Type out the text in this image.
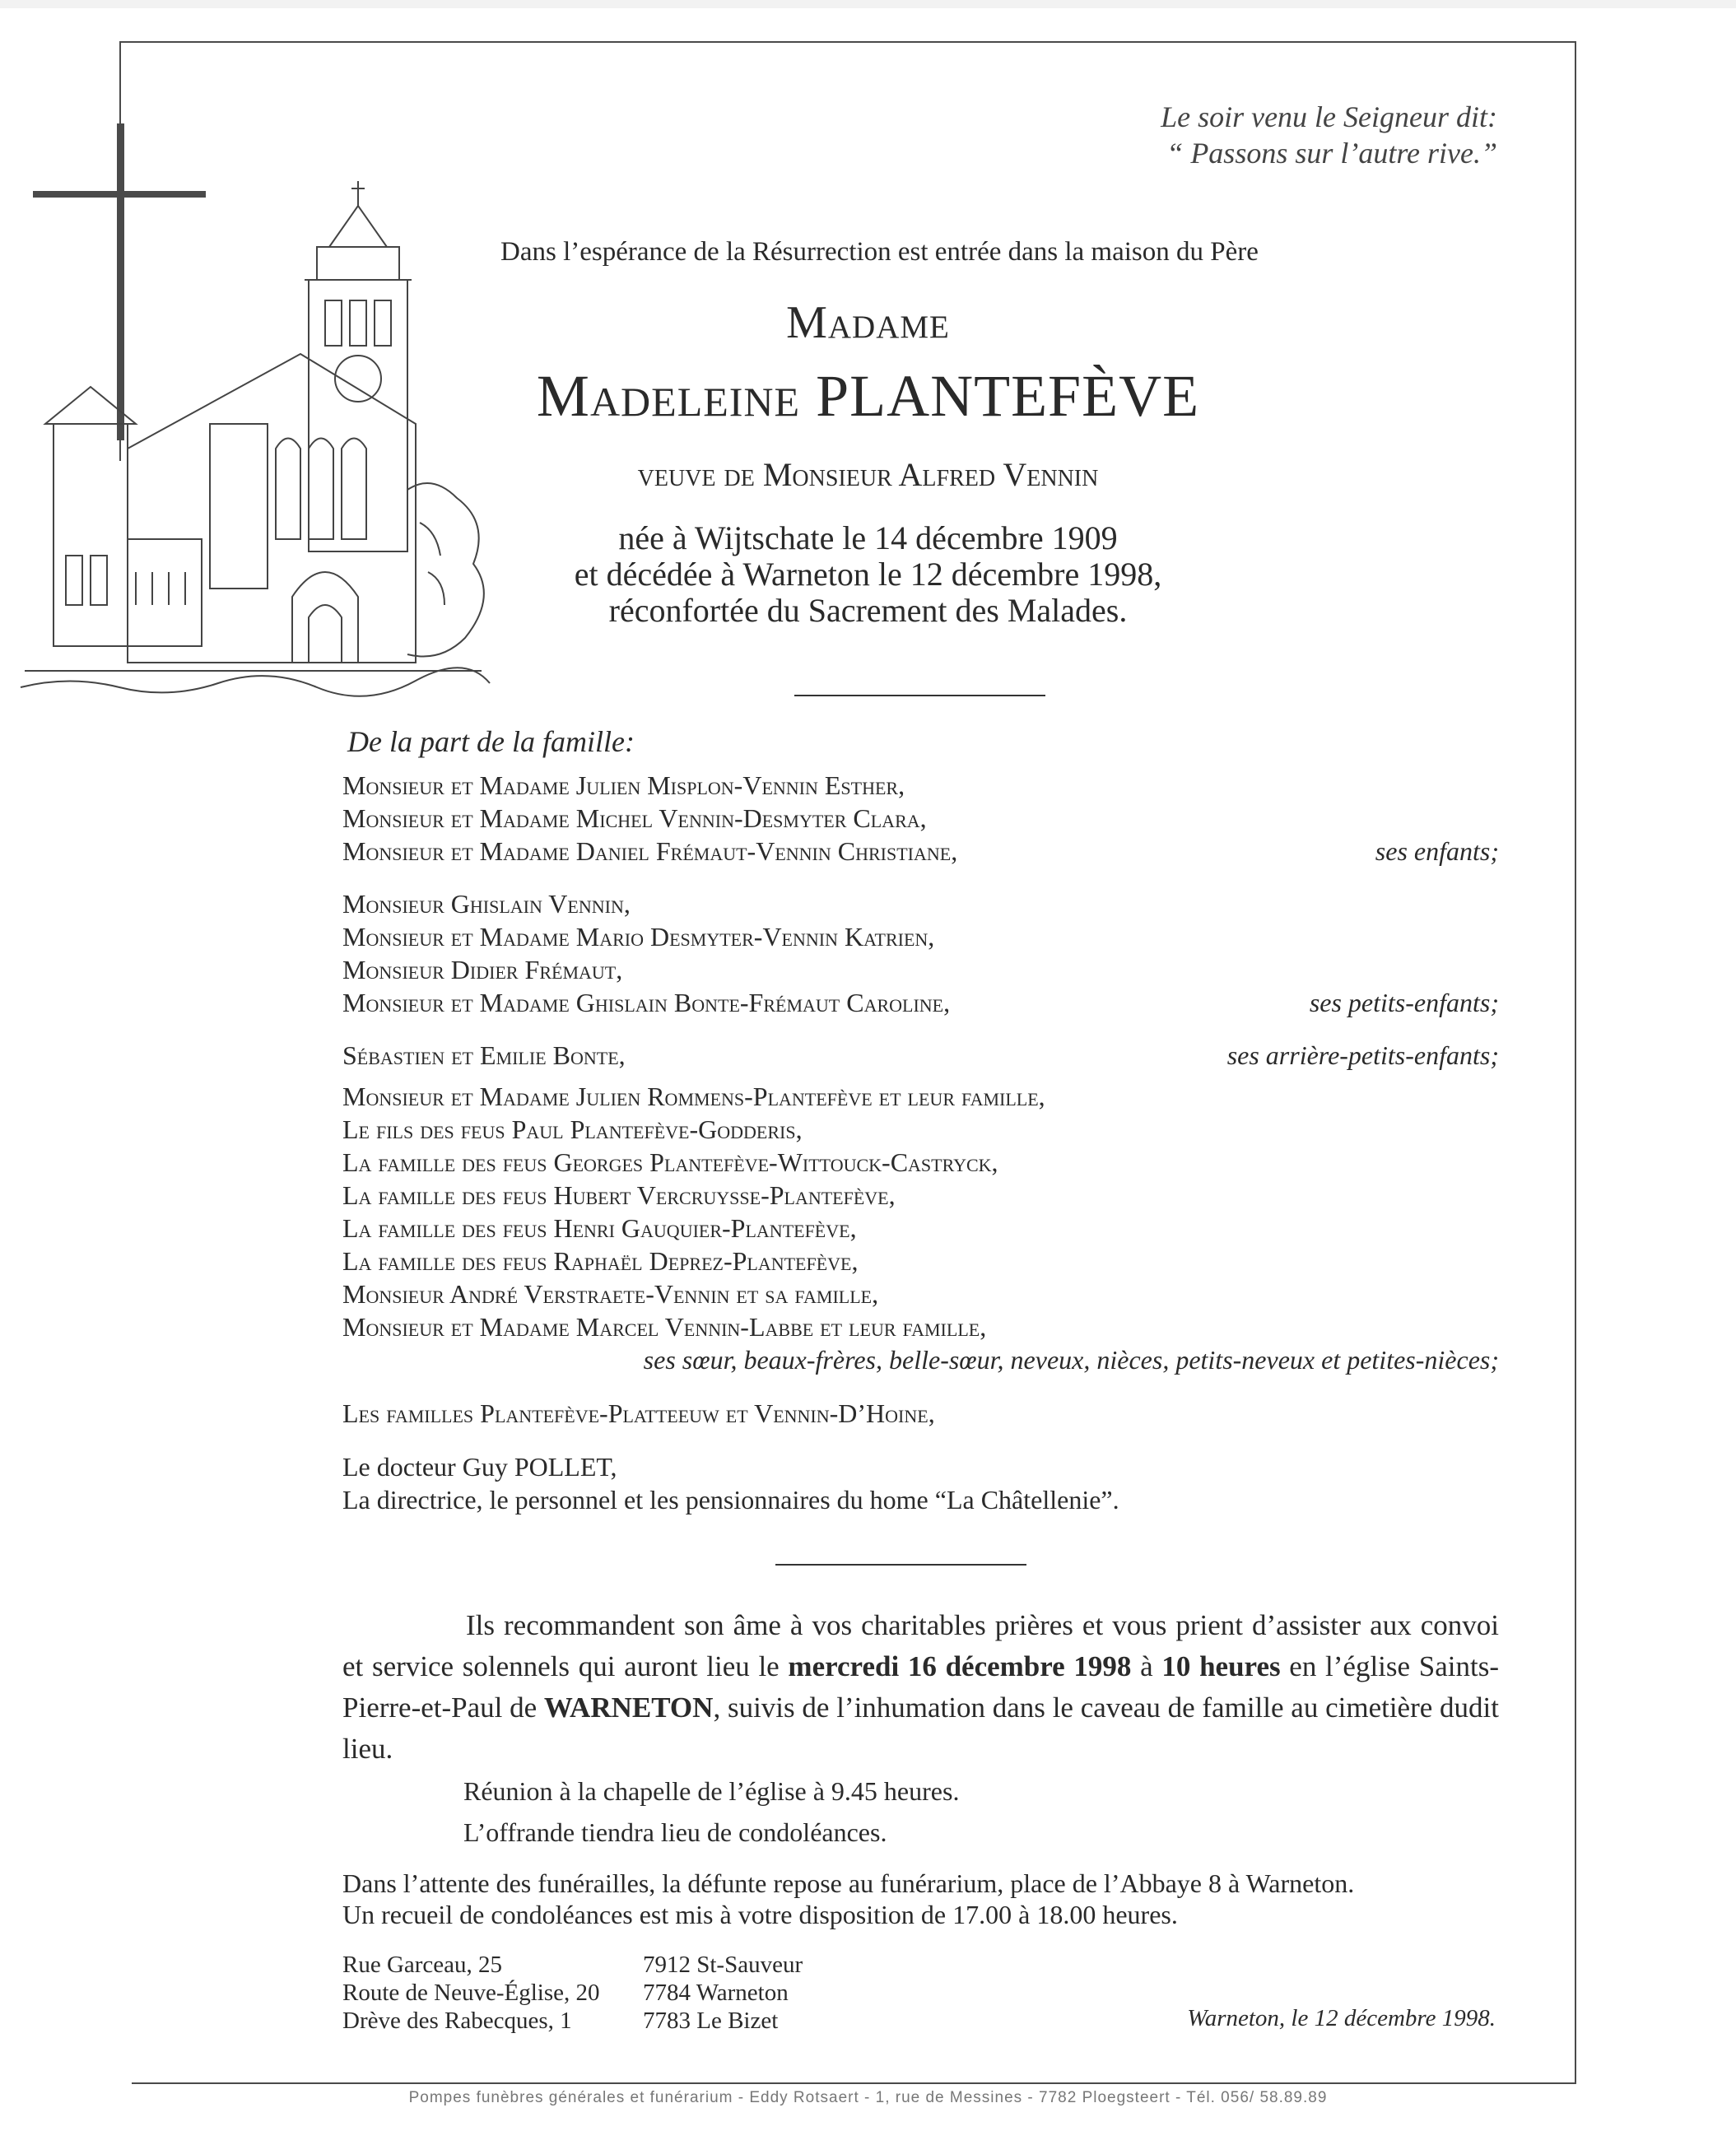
Le soir venu le Seigneur dit:
“ Passons sur l’autre rive.”
Dans l’espérance de la Résurrection est entrée dans la maison du Père
Madame
Madeleine PLANTEFÈVE
veuve de Monsieur Alfred Vennin
née à Wijtschate le 14 décembre 1909
et décédée à Warneton le 12 décembre 1998,
réconfortée du Sacrement des Malades.
De la part de la famille:
Monsieur et Madame Julien Misplon-Vennin Esther,
Monsieur et Madame Michel Vennin-Desmyter Clara,
Monsieur et Madame Daniel Frémaut-Vennin Christiane,	ses enfants;
Monsieur Ghislain Vennin,
Monsieur et Madame Mario Desmyter-Vennin Katrien,
Monsieur Didier Frémaut,
Monsieur et Madame Ghislain Bonte-Frémaut Caroline,	ses petits-enfants;
Sébastien et Emilie Bonte,	ses arrière-petits-enfants;
Monsieur et Madame Julien Rommens-Plantefève et leur famille,
Le fils des feus Paul Plantefève-Godderis,
La famille des feus Georges Plantefève-Wittouck-Castryck,
La famille des feus Hubert Vercruysse-Plantefève,
La famille des feus Henri Gauquier-Plantefève,
La famille des feus Raphaël Deprez-Plantefève,
Monsieur André Verstraete-Vennin et sa famille,
Monsieur et Madame Marcel Vennin-Labbe et leur famille,
ses sœur, beaux-frères, belle-sœur, neveux, nièces, petits-neveux et petites-nièces;
Les familles Plantefève-Platteeuw et Vennin-D’Hoine,
Le docteur Guy POLLET,
La directrice, le personnel et les pensionnaires du home “La Châtellenie”.
Ils recommandent son âme à vos charitables prières et vous prient d’assister aux convoi et service solennels qui auront lieu le mercredi 16 décembre 1998 à 10 heures en l’église Saints-Pierre-et-Paul de WARNETON, suivis de l’inhumation dans le caveau de famille au cimetière dudit lieu.
Réunion à la chapelle de l’église à 9.45 heures.
L’offrande tiendra lieu de condoléances.
Dans l’attente des funérailles, la défunte repose au funérarium, place de l’Abbaye 8 à Warneton.
Un recueil de condoléances est mis à votre disposition de 17.00 à 18.00 heures.
Rue Garceau, 25	7912 St-Sauveur
Route de Neuve-Église, 20	7784 Warneton
Drève des Rabecques, 1	7783 Le Bizet	Warneton, le 12 décembre 1998.
Pompes funèbres générales et funérarium - Eddy Rotsaert - 1, rue de Messines - 7782 Ploegsteert - Tél. 056/ 58.89.89
